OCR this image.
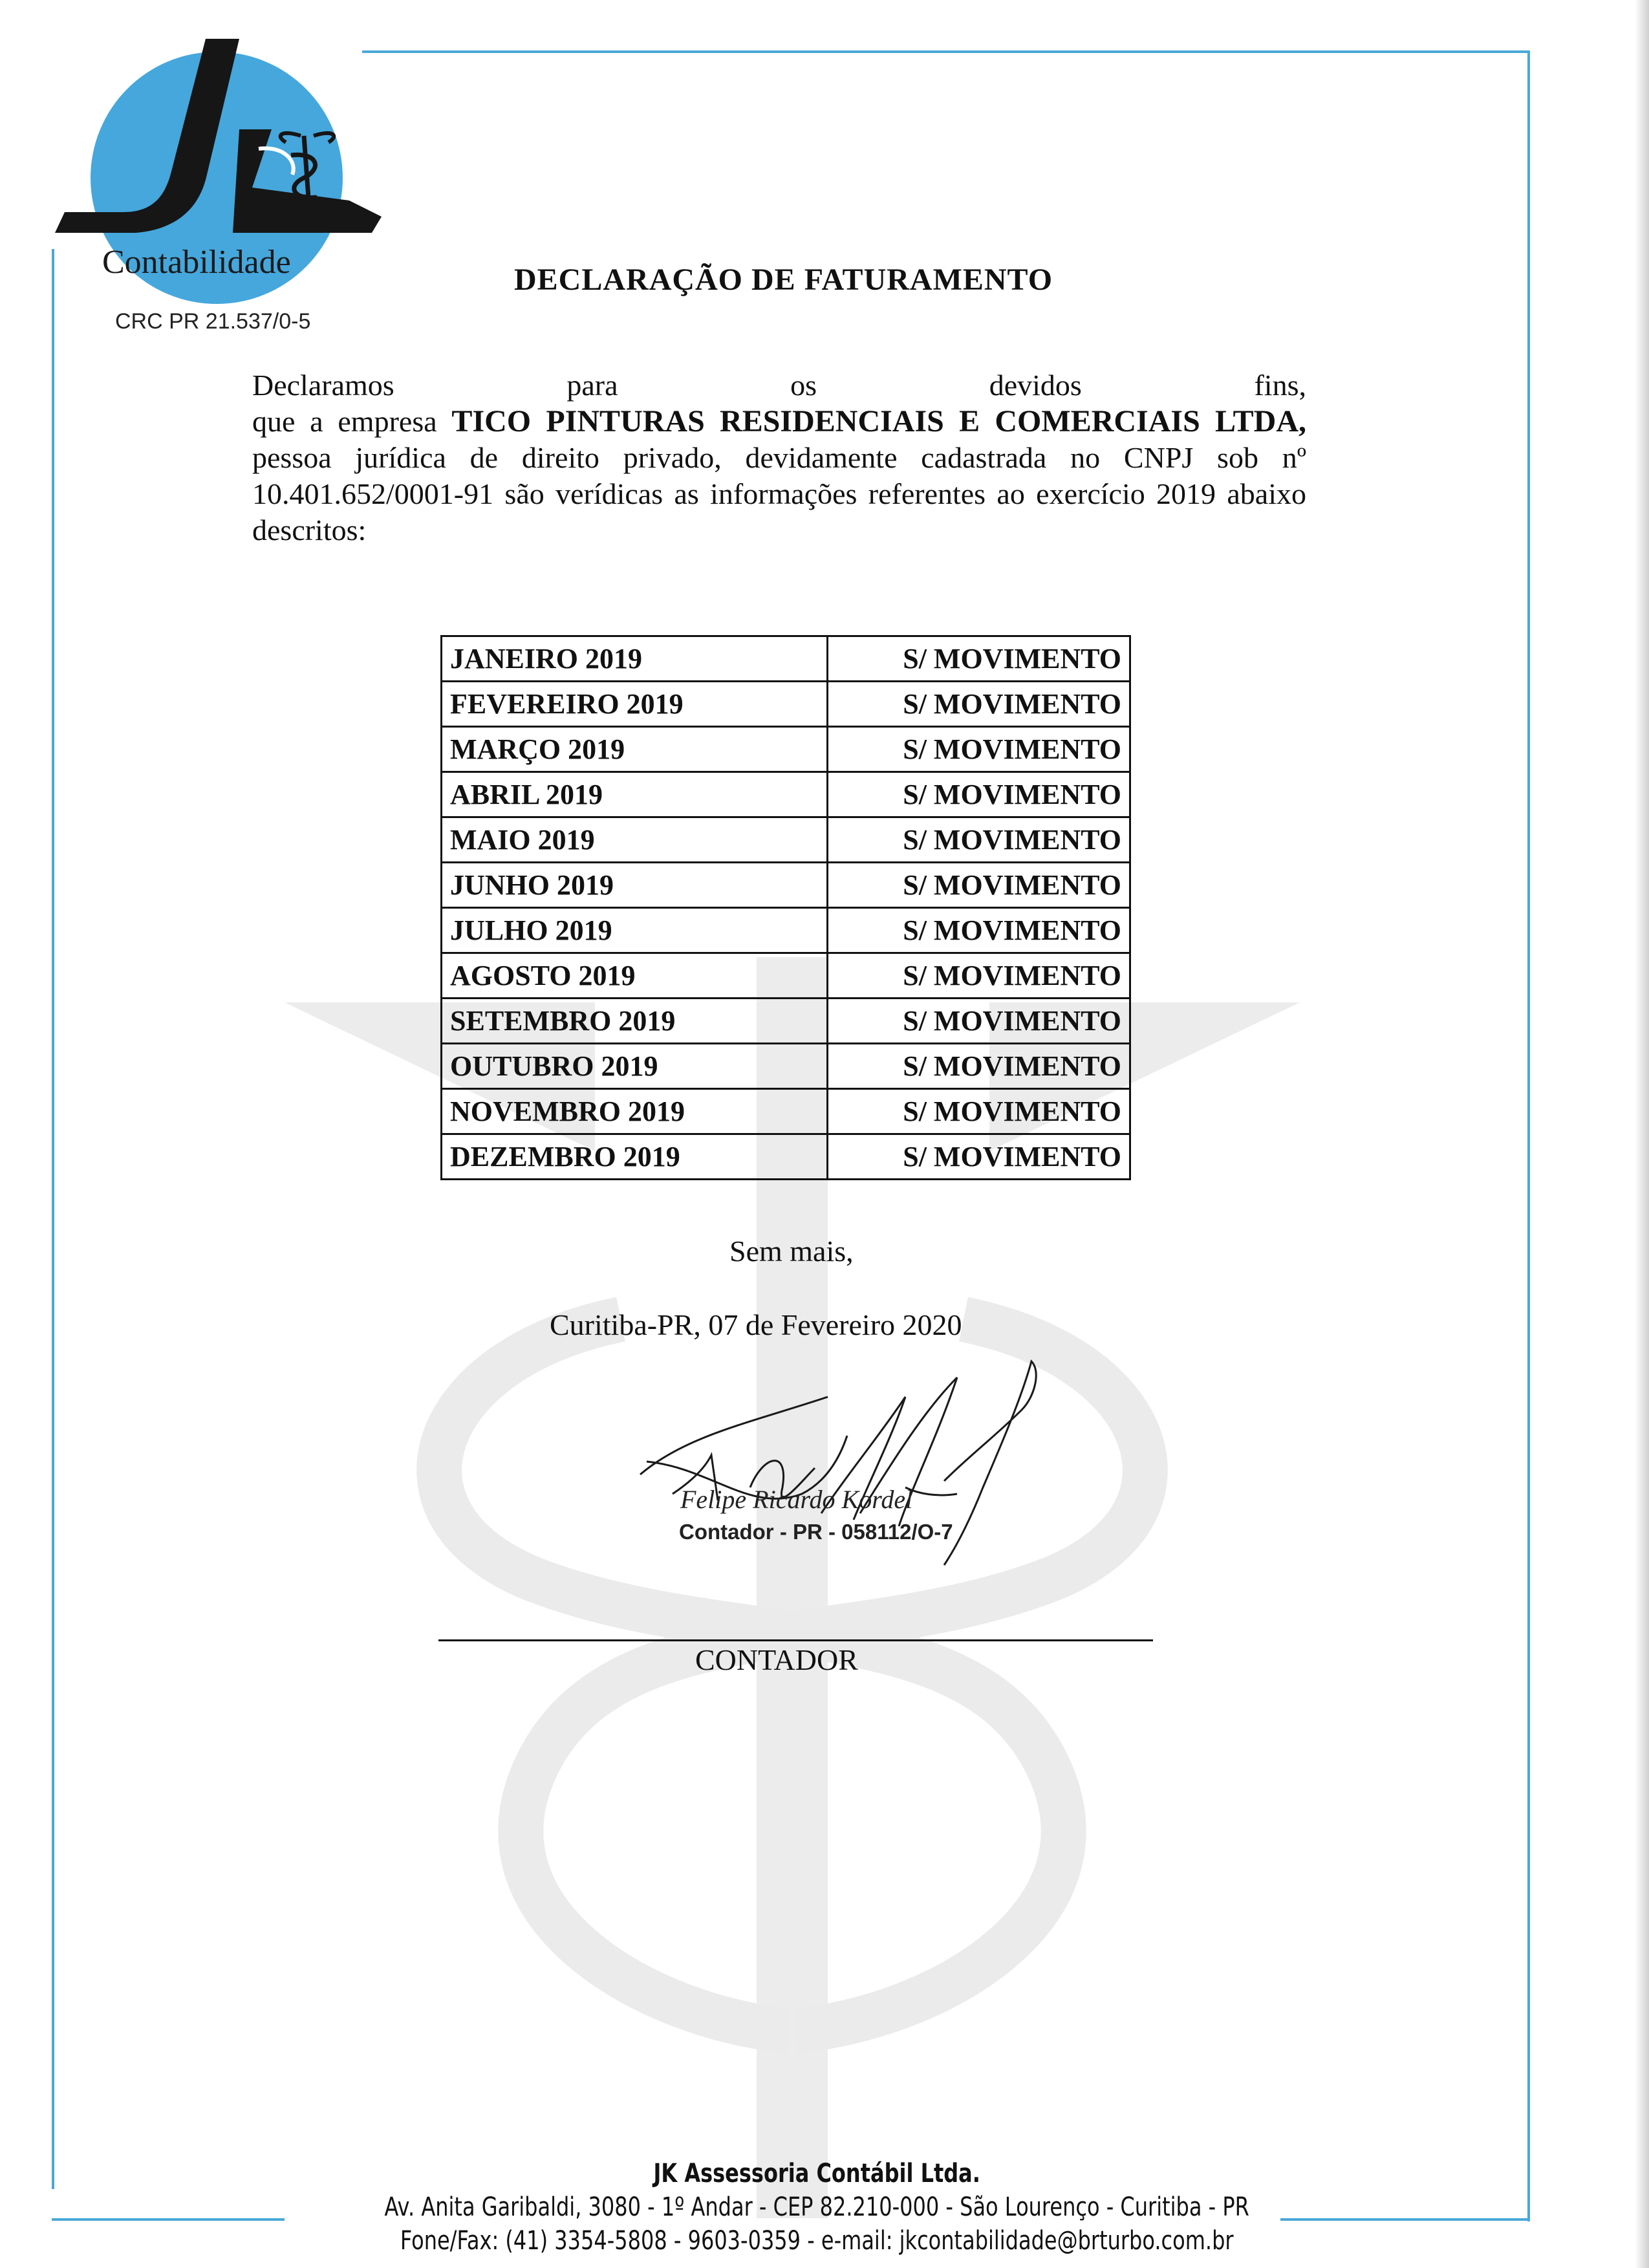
Contabilidade
CRC PR 21.537/0-5
DECLARAÇÃO DE FATURAMENTO
Declaramos	para	os	devidos	fins,
que a empresa TICO PINTURAS RESIDENCIAIS E COMERCIAIS LTDA, pessoa jurídica de direito privado, devidamente cadastrada no CNPJ sob nº 10.401.652/0001-91 são verídicas as informações referentes ao exercício 2019 abaixo descritos:
JANEIRO 2019	S/ MOVIMENTO
FEVEREIRO 2019	S/ MOVIMENTO
MARÇO 2019	S/ MOVIMENTO
ABRIL 2019	S/ MOVIMENTO
MAIO 2019	S/ MOVIMENTO
JUNHO 2019	S/ MOVIMENTO
JULHO 2019	S/ MOVIMENTO
AGOSTO 2019	S/ MOVIMENTO
SETEMBRO 2019	S/ MOVIMENTO
OUTUBRO 2019	S/ MOVIMENTO
NOVEMBRO 2019	S/ MOVIMENTO
DEZEMBRO 2019	S/ MOVIMENTO
Sem mais,
Curitiba-PR, 07 de Fevereiro 2020
Felipe Ricardo Kordel
Contador - PR - 058112/O-7
CONTADOR
JK Assessoria Contábil Ltda.
Av. Anita Garibaldi, 3080 - 1º Andar - CEP 82.210-000 - São Lourenço - Curitiba - PR
Fone/Fax: (41) 3354-5808 - 9603-0359 - e-mail: jkcontabilidade@brturbo.com.br
